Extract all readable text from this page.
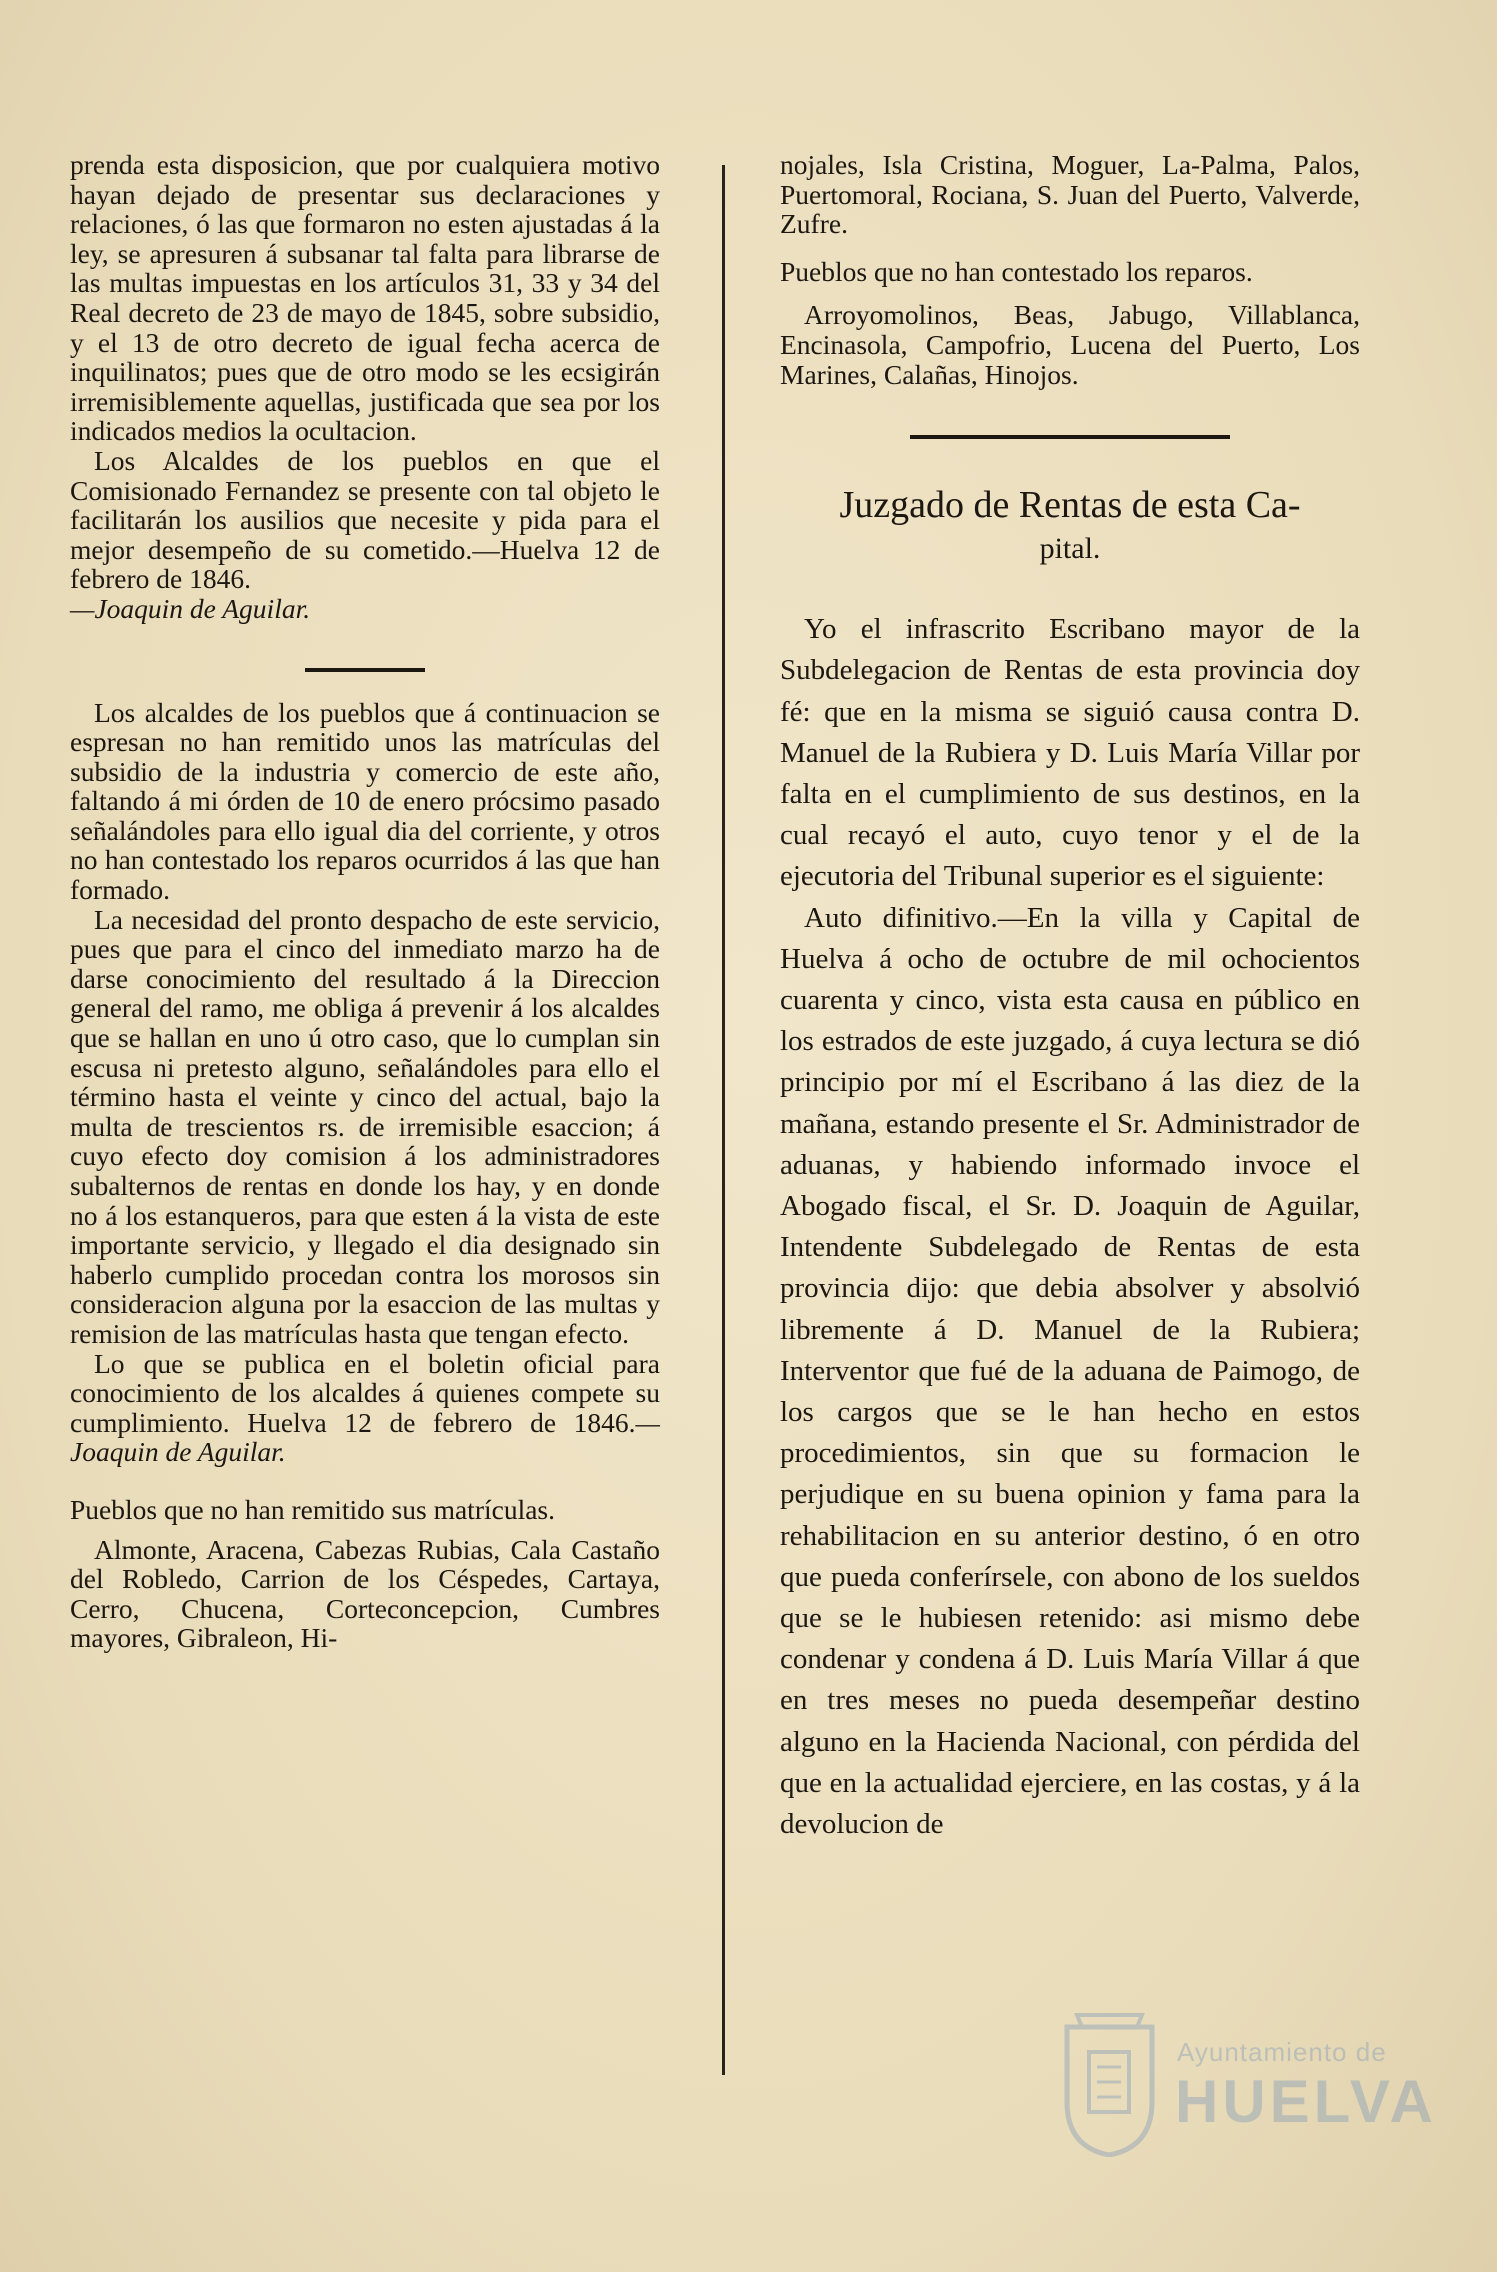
prenda esta disposicion, que por cualquiera motivo hayan dejado de presentar sus declaraciones y relaciones, ó las que formaron no esten ajustadas á la ley, se apresuren á subsanar tal falta para librarse de las multas impuestas en los artículos 31, 33 y 34 del Real decreto de 23 de mayo de 1845, sobre subsidio, y el 13 de otro decreto de igual fecha acerca de inquilinatos; pues que de otro modo se les ecsigirán irremisiblemente aquellas, justificada que sea por los indicados medios la ocultacion.

Los Alcaldes de los pueblos en que el Comisionado Fernandez se presente con tal objeto le facilitarán los ausilios que necesite y pida para el mejor desempeño de su cometido.—Huelva 12 de febrero de 1846.

—Joaquin de Aguilar.

Los alcaldes de los pueblos que á continuacion se espresan no han remitido unos las matrículas del subsidio de la industria y comercio de este año, faltando á mi órden de 10 de enero prócsimo pasado señalándoles para ello igual dia del corriente, y otros no han contestado los reparos ocurridos á las que han formado.

La necesidad del pronto despacho de este servicio, pues que para el cinco del inmediato marzo ha de darse conocimiento del resultado á la Direccion general del ramo, me obliga á prevenir á los alcaldes que se hallan en uno ú otro caso, que lo cumplan sin escusa ni pretesto alguno, señalándoles para ello el término hasta el veinte y cinco del actual, bajo la multa de trescientos rs. de irremisible esaccion; á cuyo efecto doy comision á los administradores subalternos de rentas en donde los hay, y en donde no á los estanqueros, para que esten á la vista de este importante servicio, y llegado el dia designado sin haberlo cumplido procedan contra los morosos sin consideracion alguna por la esaccion de las multas y remision de las matrículas hasta que tengan efecto.

Lo que se publica en el boletin oficial para conocimiento de los alcaldes á quienes compete su cumplimiento. Huelva 12 de febrero de 1846.—Joaquin de Aguilar.

Pueblos que no han remitido sus matrículas.

Almonte, Aracena, Cabezas Rubias, Cala Castaño del Robledo, Carrion de los Céspedes, Cartaya, Cerro, Chucena, Corteconcepcion, Cumbres mayores, Gibraleon, Hi-

nojales, Isla Cristina, Moguer, La-Palma, Palos, Puertomoral, Rociana, S. Juan del Puerto, Valverde, Zufre.

Pueblos que no han contestado los reparos.

Arroyomolinos, Beas, Jabugo, Villablanca, Encinasola, Campofrio, Lucena del Puerto, Los Marines, Calañas, Hinojos.

Juzgado de Rentas de esta Ca-
pital.

Yo el infrascrito Escribano mayor de la Subdelegacion de Rentas de esta provincia doy fé: que en la misma se siguió causa contra D. Manuel de la Rubiera y D. Luis María Villar por falta en el cumplimiento de sus destinos, en la cual recayó el auto, cuyo tenor y el de la ejecutoria del Tribunal superior es el siguiente:

Auto difinitivo.—En la villa y Capital de Huelva á ocho de octubre de mil ochocientos cuarenta y cinco, vista esta causa en público en los estrados de este juzgado, á cuya lectura se dió principio por mí el Escribano á las diez de la mañana, estando presente el Sr. Administrador de aduanas, y habiendo informado invoce el Abogado fiscal, el Sr. D. Joaquin de Aguilar, Intendente Subdelegado de Rentas de esta provincia dijo: que debia absolver y absolvió libremente á D. Manuel de la Rubiera; Interventor que fué de la aduana de Paimogo, de los cargos que se le han hecho en estos procedimientos, sin que su formacion le perjudique en su buena opinion y fama para la rehabilitacion en su anterior destino, ó en otro que pueda conferírsele, con abono de los sueldos que se le hubiesen retenido: asi mismo debe condenar y condena á D. Luis María Villar á que en tres meses no pueda desempeñar destino alguno en la Hacienda Nacional, con pérdida del que en la actualidad ejerciere, en las costas, y á la devolucion de

Ayuntamiento de
HUELVA
